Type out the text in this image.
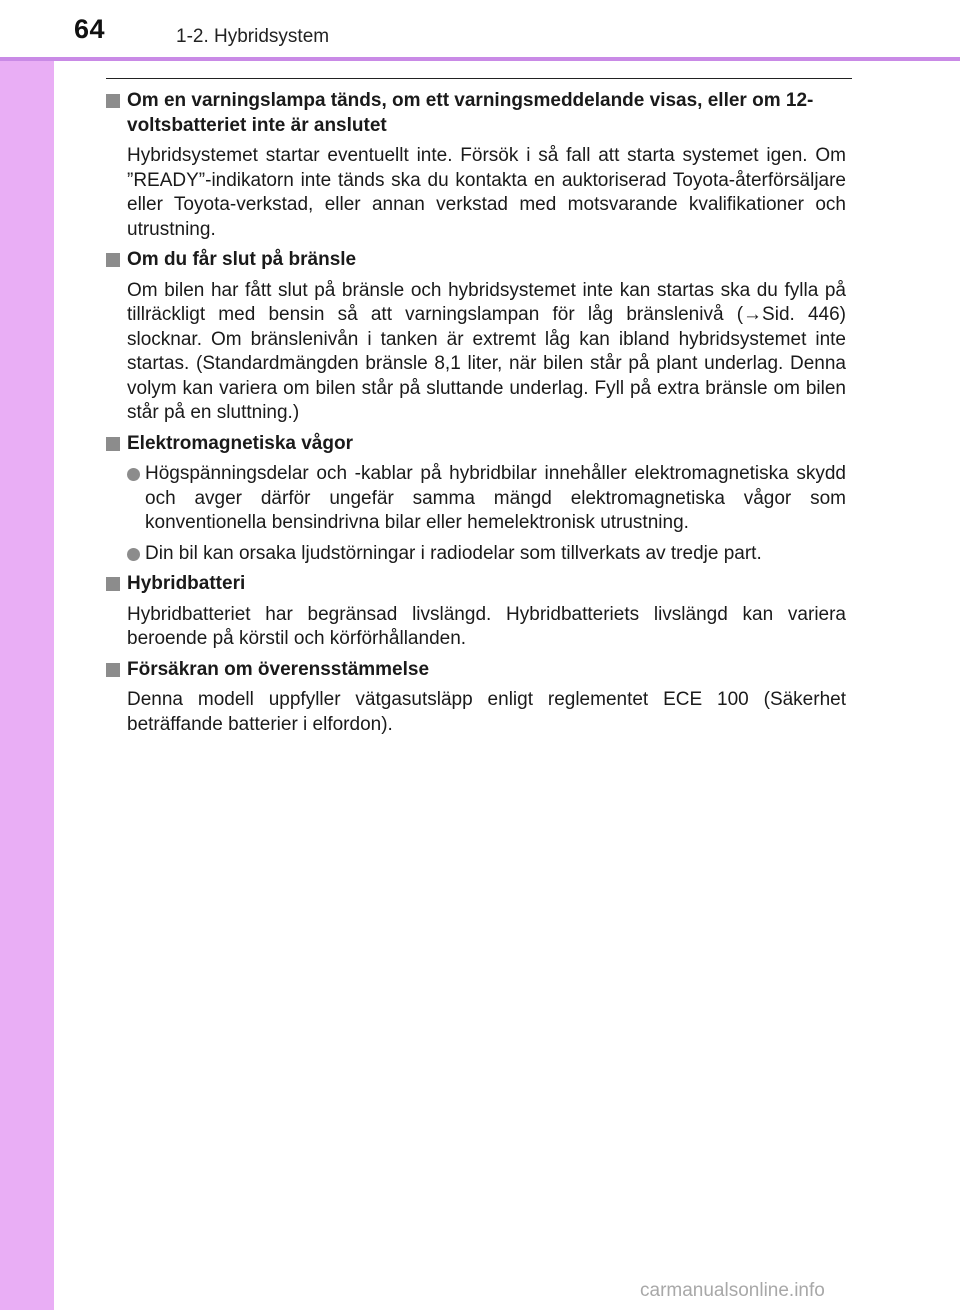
64	1-2. Hybridsystem
Om en varningslampa tänds, om ett varningsmeddelande visas, eller om 12-voltsbatteriet inte är anslutet
Hybridsystemet startar eventuellt inte. Försök i så fall att starta systemet igen. Om ”READY”-indikatorn inte tänds ska du kontakta en auktoriserad Toyota-återförsäljare eller Toyota-verkstad, eller annan verkstad med motsvarande kvalifikationer och utrustning.
Om du får slut på bränsle
Om bilen har fått slut på bränsle och hybridsystemet inte kan startas ska du fylla på tillräckligt med bensin så att varningslampan för låg bränslenivå (→Sid. 446) slocknar. Om bränslenivån i tanken är extremt låg kan ibland hybridsystemet inte startas. (Standardmängden bränsle 8,1 liter, när bilen står på plant underlag. Denna volym kan variera om bilen står på sluttande underlag. Fyll på extra bränsle om bilen står på en sluttning.)
Elektromagnetiska vågor
Högspänningsdelar och -kablar på hybridbilar innehåller elektromagnetiska skydd och avger därför ungefär samma mängd elektromagnetiska vågor som konventionella bensindrivna bilar eller hemelektronisk utrustning.
Din bil kan orsaka ljudstörningar i radiodelar som tillverkats av tredje part.
Hybridbatteri
Hybridbatteriet har begränsad livslängd. Hybridbatteriets livslängd kan variera beroende på körstil och körförhållanden.
Försäkran om överensstämmelse
Denna modell uppfyller vätgasutsläpp enligt reglementet ECE 100 (Säkerhet beträffande batterier i elfordon).
carmanualsonline.info
